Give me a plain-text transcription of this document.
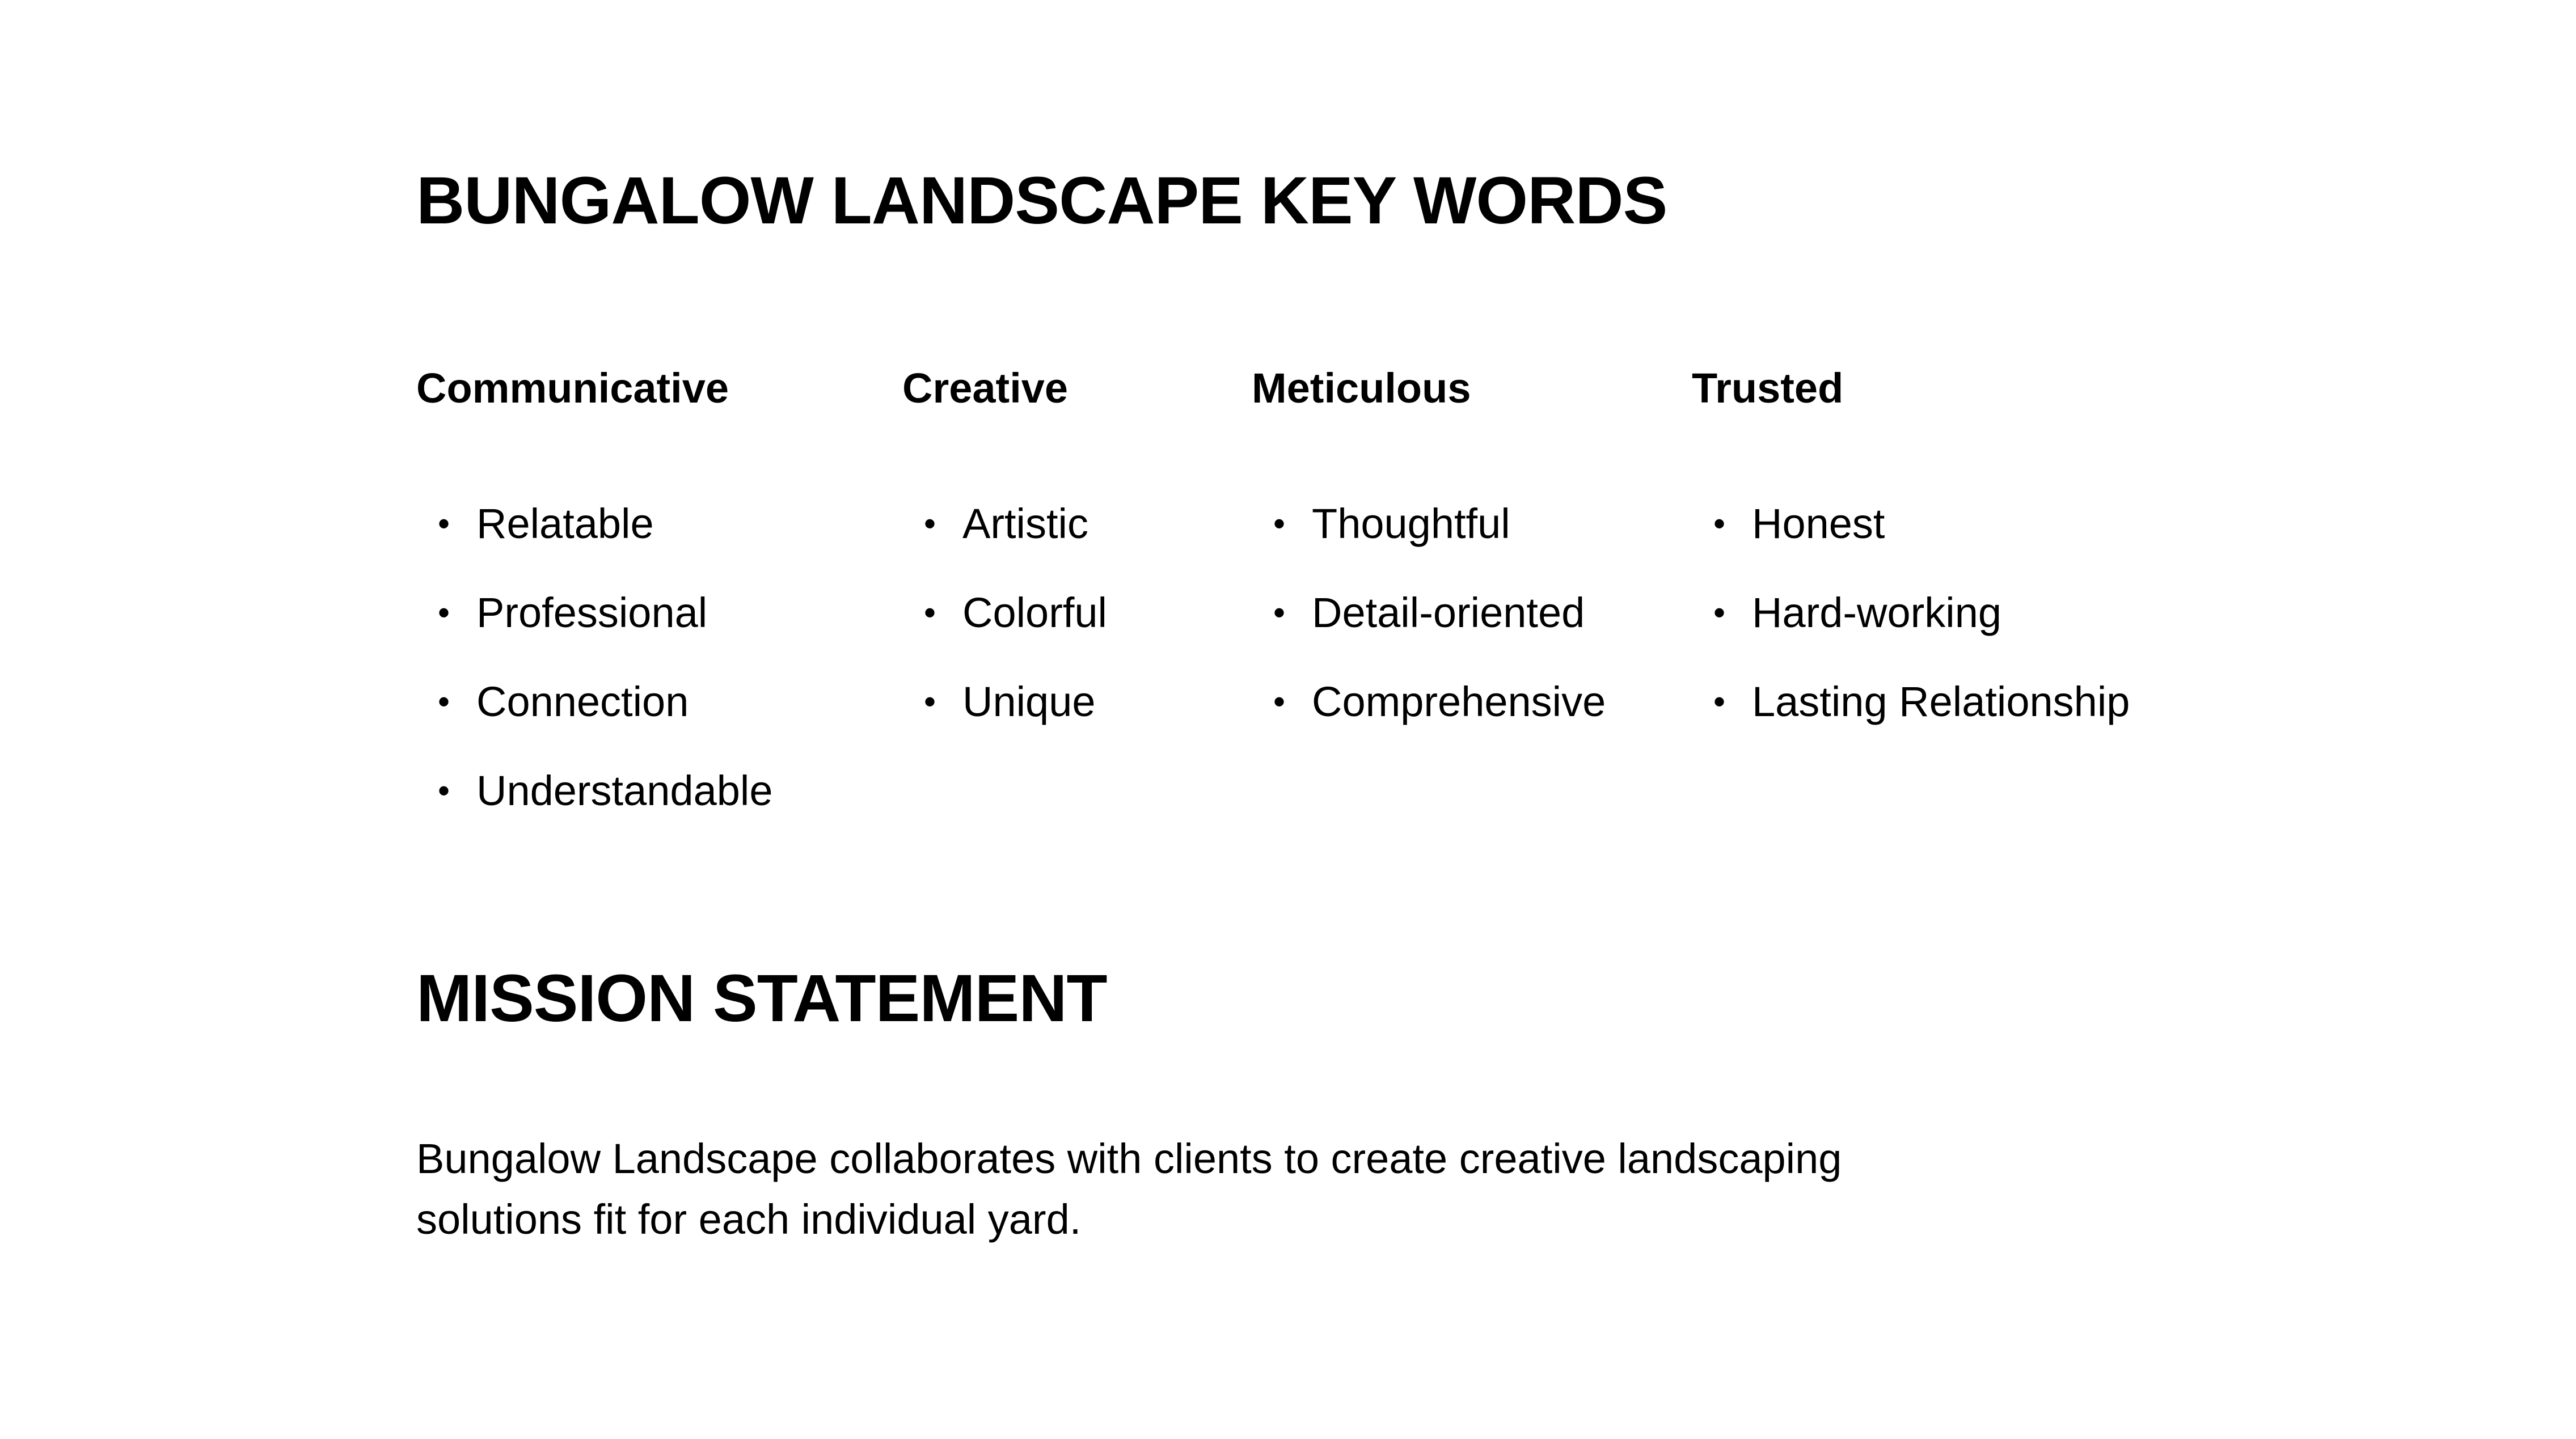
BUNGALOW LANDSCAPE KEY WORDS
Communicative
• Relatable
• Professional
• Connection
• Understandable
Creative
• Artistic
• Colorful
• Unique
Meticulous
• Thoughtful
• Detail-oriented
• Comprehensive
Trusted
• Honest
• Hard-working
• Lasting Relationship
MISSION STATEMENT

Bungalow Landscape collaborates with clients to create creative landscaping solutions fit for each individual yard.
